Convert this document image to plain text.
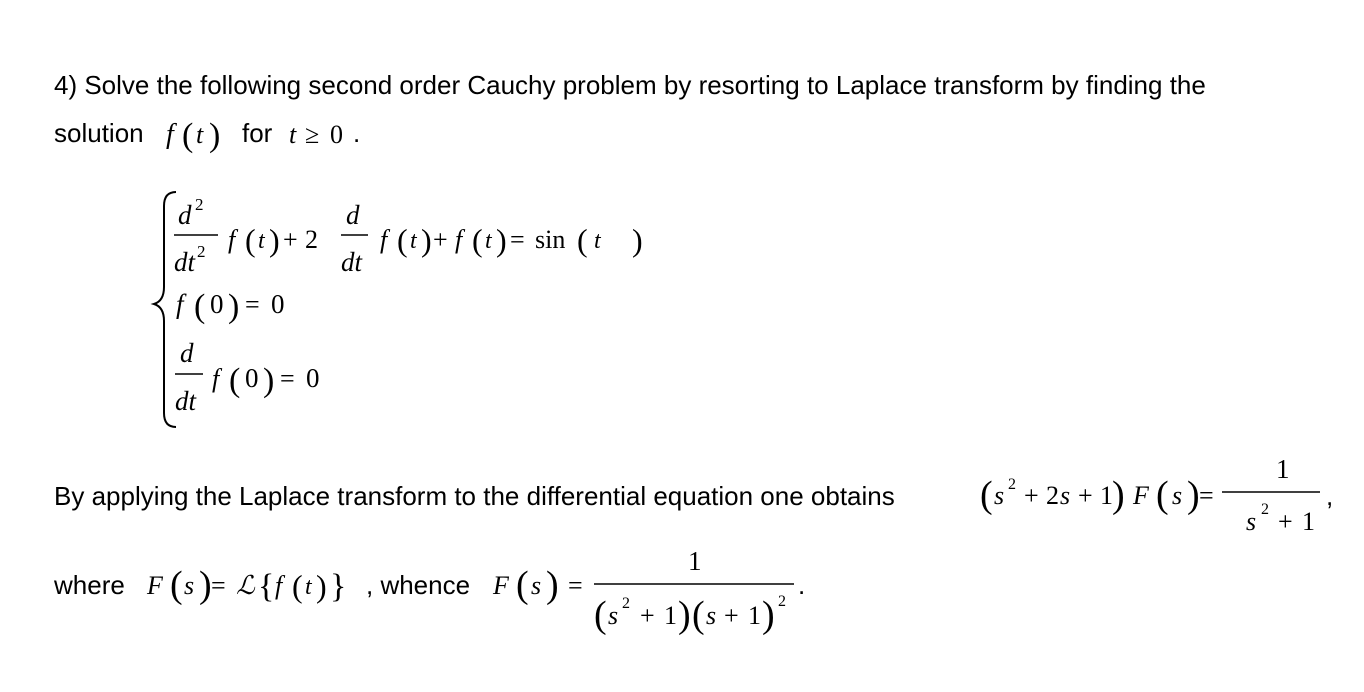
4) Solve the following second order Cauchy problem by resorting to Laplace transform by finding the
solution	for	.
By applying the Laplace transform to the differential equation one obtains	,
where	, whence	.
f ( t )	t ≥ 0
d 2
dt 2 f ( t ) + 2
d
dt
f ( t ) + f ( t ) = sin ( t )
f ( 0 ) = 0
d
dt
f ( 0 ) = 0
( s 2 + 2 s + 1 ) F ( s ) =
1
s 2 + 1
F ( s ) = ℒ { f ( t ) }	F ( s ) =
1
( s 2 + 1 ) ( s + 1 ) 2
